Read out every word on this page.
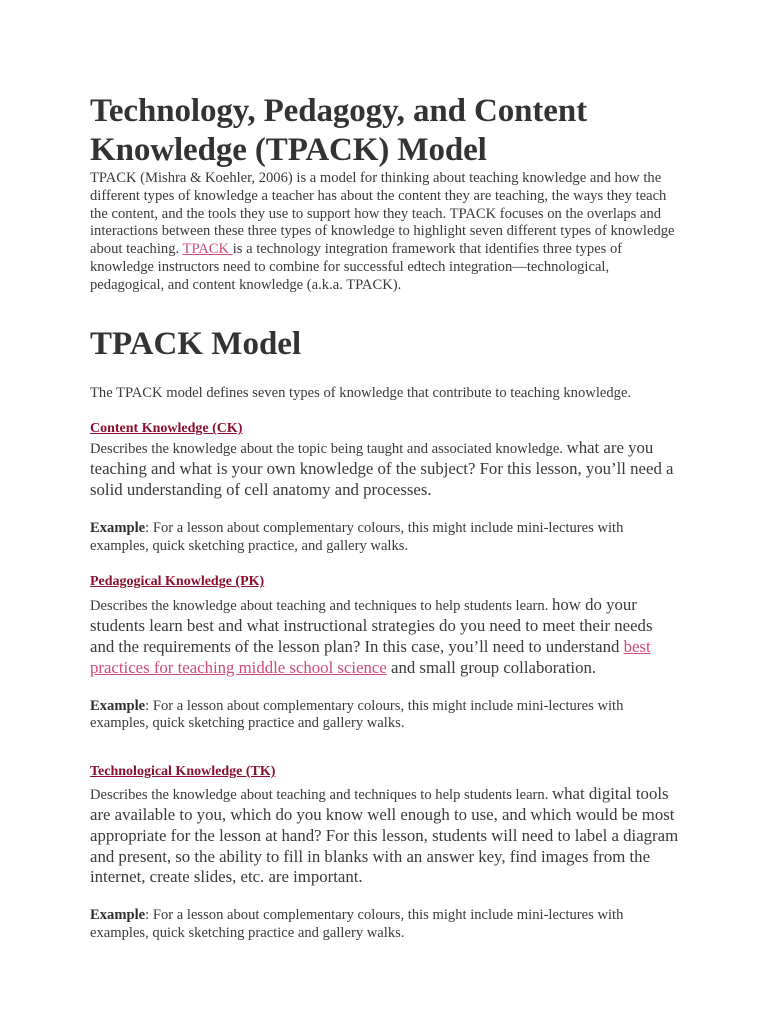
Technology, Pedagogy, and Content
Knowledge (TPACK) Model

TPACK (Mishra & Koehler, 2006) is a model for thinking about teaching knowledge and how the different types of knowledge a teacher has about the content they are teaching, the ways they teach the content, and the tools they use to support how they teach. TPACK focuses on the overlaps and interactions between these three types of knowledge to highlight seven different types of knowledge about teaching. TPACK is a technology integration framework that identifies three types of knowledge instructors need to combine for successful edtech integration—technological, pedagogical, and content knowledge (a.k.a. TPACK).

TPACK Model

The TPACK model defines seven types of knowledge that contribute to teaching knowledge.

Content Knowledge (CK)

Describes the knowledge about the topic being taught and associated knowledge. what are you teaching and what is your own knowledge of the subject? For this lesson, you’ll need a solid understanding of cell anatomy and processes.

Example: For a lesson about complementary colours, this might include mini-lectures with examples, quick sketching practice, and gallery walks.

Pedagogical Knowledge (PK)

Describes the knowledge about teaching and techniques to help students learn. how do your students learn best and what instructional strategies do you need to meet their needs and the requirements of the lesson plan? In this case, you’ll need to understand best practices for teaching middle school science and small group collaboration.

Example: For a lesson about complementary colours, this might include mini-lectures with examples, quick sketching practice and gallery walks.

Technological Knowledge (TK)

Describes the knowledge about teaching and techniques to help students learn. what digital tools are available to you, which do you know well enough to use, and which would be most appropriate for the lesson at hand? For this lesson, students will need to label a diagram and present, so the ability to fill in blanks with an answer key, find images from the internet, create slides, etc. are important.

Example: For a lesson about complementary colours, this might include mini-lectures with examples, quick sketching practice and gallery walks.
